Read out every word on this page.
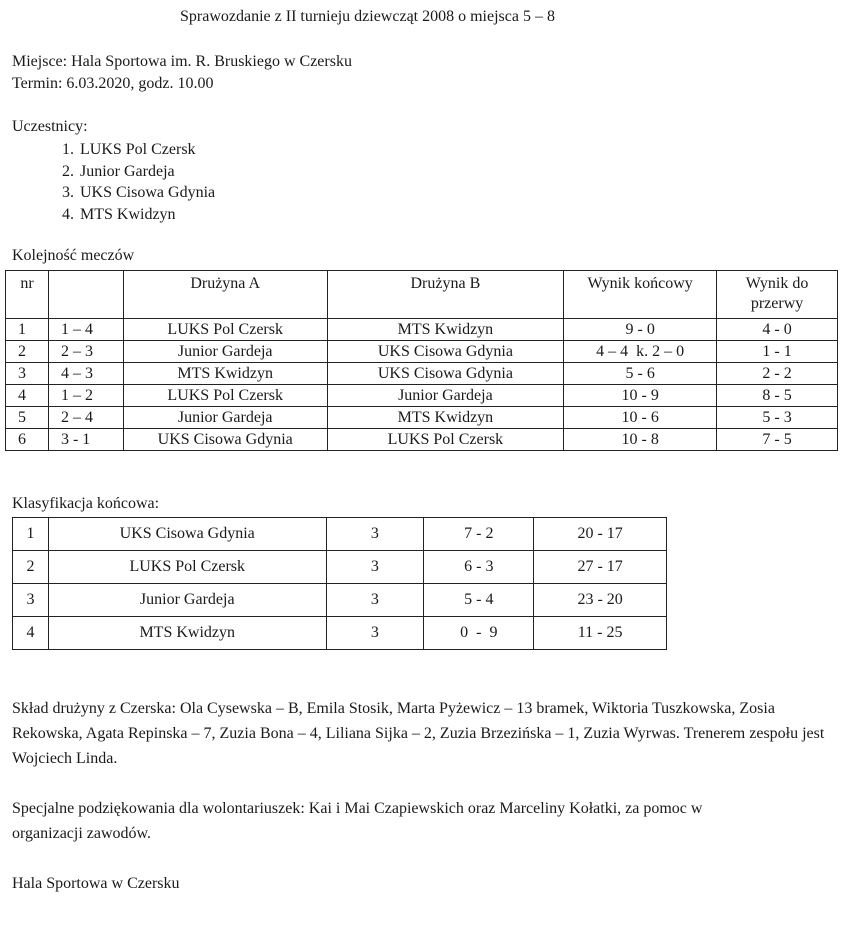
Sprawozdanie z II turnieju dziewcząt 2008 o miejsca 5 – 8
Miejsce: Hala Sportowa im. R. Bruskiego w Czersku
Termin: 6.03.2020, godz. 10.00
Uczestnicy:
1. LUKS Pol Czersk
2. Junior Gardeja
3. UKS Cisowa Gdynia
4. MTS Kwidzyn
Kolejność meczów
nr		Drużyna A	Drużyna B	Wynik końcowy	Wynik do
przerwy
1	1 – 4	LUKS Pol Czersk	MTS Kwidzyn	9 - 0	4 - 0
2	2 – 3	Junior Gardeja	UKS Cisowa Gdynia	4 – 4  k. 2 – 0	1 - 1
3	4 – 3	MTS Kwidzyn	UKS Cisowa Gdynia	5 - 6	2 - 2
4	1 – 2	LUKS Pol Czersk	Junior Gardeja	10 - 9	8 - 5
5	2 – 4	Junior Gardeja	MTS Kwidzyn	10 - 6	5 - 3
6	3 - 1	UKS Cisowa Gdynia	LUKS Pol Czersk	10 - 8	7 - 5
Klasyfikacja końcowa:
1	UKS Cisowa Gdynia	3	7 - 2	20 - 17
2	LUKS Pol Czersk	3	6 - 3	27 - 17
3	Junior Gardeja	3	5 - 4	23 - 20
4	MTS Kwidzyn	3	0  -  9	11 - 25
Skład drużyny z Czerska: Ola Cysewska – B, Emila Stosik, Marta Pyżewicz – 13 bramek, Wiktoria Tuszkowska, Zosia Rekowska, Agata Repinska – 7, Zuzia Bona – 4, Liliana Sijka – 2, Zuzia Brzezińska – 1, Zuzia Wyrwas. Trenerem zespołu jest Wojciech Linda.
Specjalne podziękowania dla wolontariuszek: Kai i Mai Czapiewskich oraz Marceliny Kołatki, za pomoc w organizacji zawodów.
Hala Sportowa w Czersku
